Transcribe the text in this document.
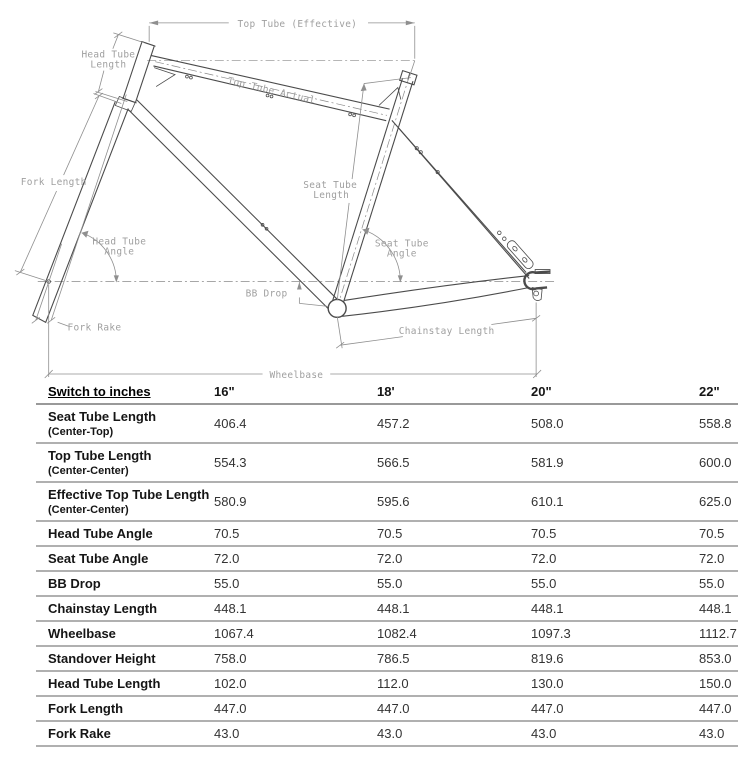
Top Tube (Effective)
Head Tube
Length
Top Tube Actual
Fork Length
Head Tube
Angle
Seat Tube
Length
Seat Tube
Angle
BB Drop
Fork Rake	Chainstay Length
Wheelbase
Switch to inches	16"	18'	20"	22"

Seat Tube Length
(Center-Top)	406.4	457.2	508.0	558.8

Top Tube Length
(Center-Center)	554.3	566.5	581.9	600.0

Effective Top Tube Length
(Center-Center)	580.9	595.6	610.1	625.0

Head Tube Angle	70.5	70.5	70.5	70.5

Seat Tube Angle	72.0	72.0	72.0	72.0

BB Drop	55.0	55.0	55.0	55.0

Chainstay Length	448.1	448.1	448.1	448.1

Wheelbase	1067.4	1082.4	1097.3	1112.7

Standover Height	758.0	786.5	819.6	853.0

Head Tube Length	102.0	112.0	130.0	150.0

Fork Length	447.0	447.0	447.0	447.0

Fork Rake	43.0	43.0	43.0	43.0
